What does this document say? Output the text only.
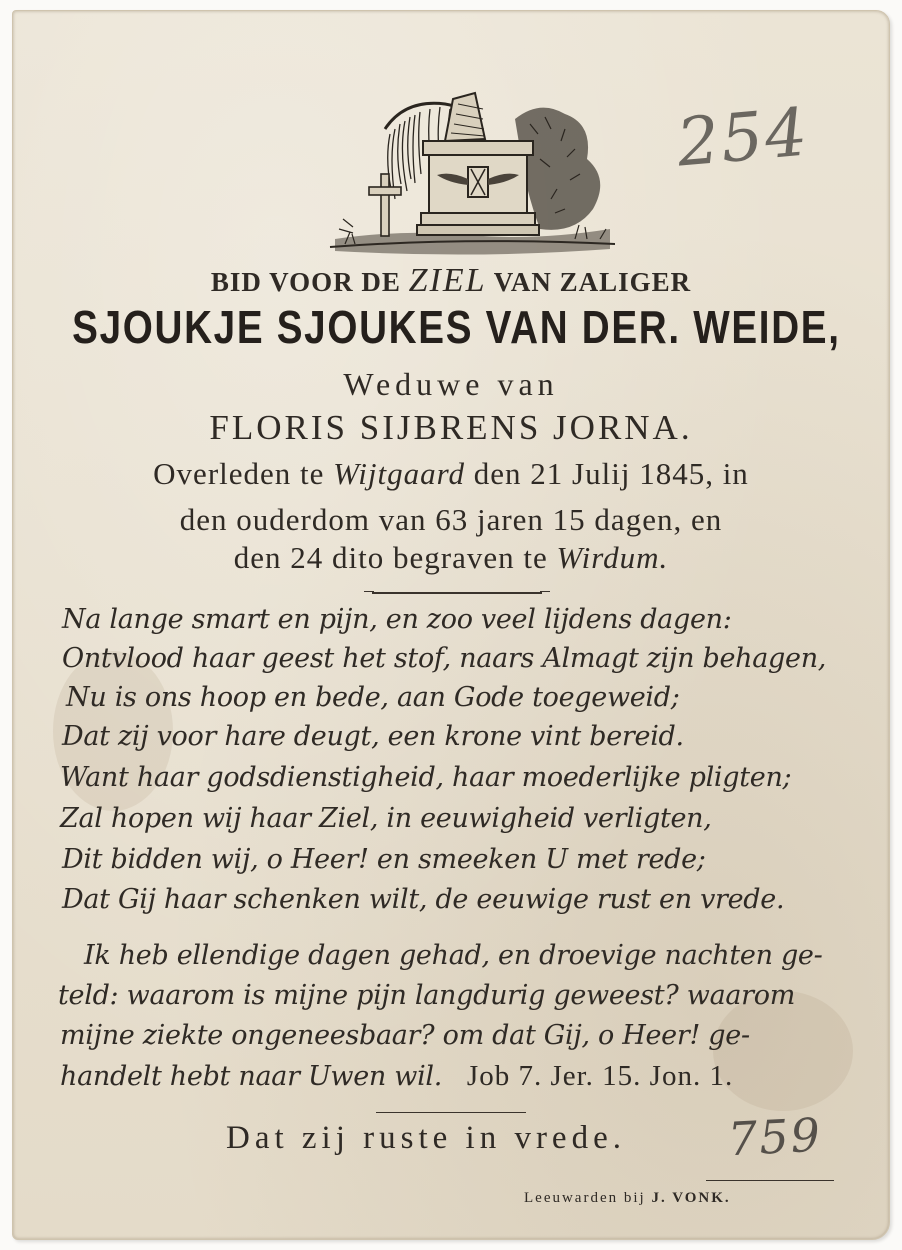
254
BID VOOR DE ZIEL VAN ZALIGER
SJOUKJE SJOUKES VAN DER. WEIDE,
Weduwe van
FLORIS SIJBRENS JORNA.
Overleden te Wijtgaard den 21 Julij 1845, in
den ouderdom van 63 jaren 15 dagen, en
den 24 dito begraven te Wirdum.
Na lange smart en pijn, en zoo veel lijdens dagen:
Ontvlood haar geest het stof, naars Almagt zijn behagen,
Nu is ons hoop en bede, aan Gode toegeweid;
Dat zij voor hare deugt, een krone vint bereid.
Want haar godsdienstigheid, haar moederlijke pligten;
Zal hopen wij haar Ziel, in eeuwigheid verligten,
Dit bidden wij, o Heer! en smeeken U met rede;
Dat Gij haar schenken wilt, de eeuwige rust en vrede.
Ik heb ellendige dagen gehad, en droevige nachten ge-
teld: waarom is mijne pijn langdurig geweest? waarom
mijne ziekte ongeneesbaar? om dat Gij, o Heer! ge-
handelt hebt naar Uwen wil. Job 7. Jer. 15. Jon. 1.
Dat zij ruste in vrede. 759
Leeuwarden bij J. VONK.
